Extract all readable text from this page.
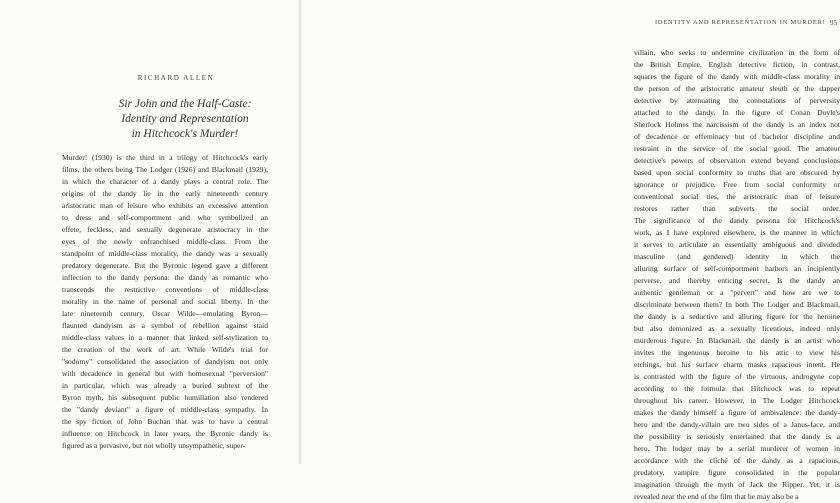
RICHARD ALLEN
Sir John and the Half-Caste:
Identity and Representation
in Hitchcock's Murder!
Murder! (1930) is the third in a trilogy of Hitchcock's early
films, the others being The Lodger (1926) and Blackmail (1929),
in which the character of a dandy plays a central role. The
origins of the dandy lie in the early nineteenth century
aristocratic man of leisure who exhibits an excessive attention
to dress and self-comportment and who symbolized an
effete, feckless, and sexually degenerate aristocracy in the
eyes of the newly enfranchised middle-class. From the
standpoint of middle-class morality, the dandy was a sexually
predatory degenerate. But the Byronic legend gave a different
inflection to the dandy persona: the dandy as romantic who
transcends the restrictive conventions of middle-class
morality in the name of personal and social liberty. In the
late nineteenth century, Oscar Wilde—emulating Byron—
flaunted dandyism as a symbol of rebellion against staid
middle-class values in a manner that linked self-stylization to
the creation of the work of art. While Wilde's trial for
"sodomy" consolidated the association of dandyism not only
with decadence in general but with homosexual "perversion"
in particular, which was already a buried subtext of the
Byron myth, his subsequent public humiliation also rendered
the "dandy deviant" a figure of middle-class sympathy. In
the spy fiction of John Buchan that was to have a central
influence on Hitchcock in later years, the Byronic dandy is
figured as a pervasive, but not wholly unsympathetic, super-
IDENTITY AND REPRESENTATION IN MURDER! 95
villain, who seeks to undermine civilization in the form of
the British Empire. English detective fiction, in contrast,
squares the figure of the dandy with middle-class morality in
the person of the aristocratic amateur sleuth or the dapper
detective by attenuating the connotations of perversity
attached to the dandy. In the figure of Conan Doyle's
Sherlock Holmes the narcissism of the dandy is an index not
of decadence or effeminacy but of bachelor discipline and
restraint in the service of the social good. The amateur
detective's powers of observation extend beyond conclusions
based upon social conformity to truths that are obscured by
ignorance or prejudice. Free from social conformity or
conventional social ties, the aristocratic man of leisure
restores rather than subverts the social order.
The significance of the dandy persona for Hitchcock's
work, as I have explored elsewhere, is the manner in which
it serves to articulate an essentially ambiguous and divided
masculine (and gendered) identity in which the
alluring surface of self-comportment harbors an incipiently
perverse, and thereby enticing secret. Is the dandy an
authentic gentleman or a "pervert" and how are we to
discriminate between them? In both The Lodger and Blackmail,
the dandy is a seductive and alluring figure for the heroine
but also demonized as a sexually licentious, indeed only
murderous figure. In Blackmail, the dandy is an artist who
invites the ingenuous heroine to his attic to view his
etchings, but his surface charm masks rapacious intent. He
is contrasted with the figure of the virtuous, androgyne cop
according to the formula that Hitchcock was to repeat
throughout his career. However, in The Lodger Hitchcock
makes the dandy himself a figure of ambivalence: the dandy-
hero and the dandy-villain are two sides of a Janus-face, and
the possibility is seriously entertained that the dandy is a
hero. The lodger may be a serial murderer of women in
accordance with the cliché of the dandy as a rapacious,
predatory, vampire figure consolidated in the popular
imagination through the myth of Jack the Ripper. Yet, it is
revealed near the end of the film that he may also be a
